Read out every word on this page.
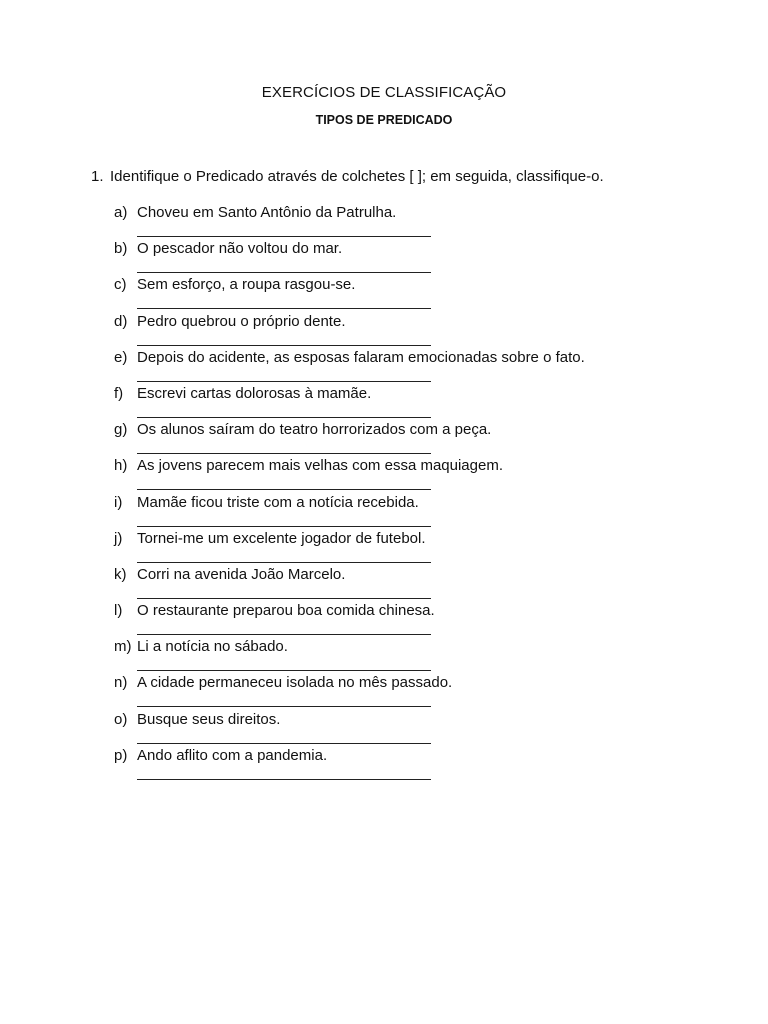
EXERCÍCIOS DE CLASSIFICAÇÃO
TIPOS DE PREDICADO
1. Identifique o Predicado através de colchetes [ ]; em seguida, classifique-o.
a) Choveu em Santo Antônio da Patrulha.
b) O pescador não voltou do mar.
c) Sem esforço, a roupa rasgou-se.
d) Pedro quebrou o próprio dente.
e) Depois do acidente, as esposas falaram emocionadas sobre o fato.
f) Escrevi cartas dolorosas à mamãe.
g) Os alunos saíram do teatro horrorizados com a peça.
h) As jovens parecem mais velhas com essa maquiagem.
i) Mamãe ficou triste com a notícia recebida.
j) Tornei-me um excelente jogador de futebol.
k) Corri na avenida João Marcelo.
l) O restaurante preparou boa comida chinesa.
m) Li a notícia no sábado.
n) A cidade permaneceu isolada no mês passado.
o) Busque seus direitos.
p) Ando aflito com a pandemia.
